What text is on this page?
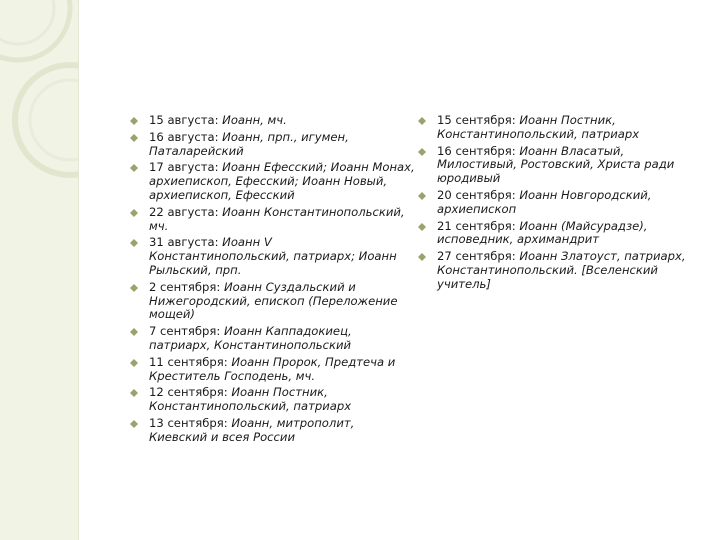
15 августа: Иоанн, мч.
16 августа: Иоанн, прп., игумен, Паталарейский
17 августа: Иоанн Ефесский; Иоанн Монах, архиепископ, Ефесский; Иоанн Новый, архиепископ, Ефесский
22 августа: Иоанн Константинопольский, мч.
31 августа: Иоанн V Константинопольский, патриарх; Иоанн Рыльский, прп.
2 сентября: Иоанн Суздальский и Нижегородский, епископ (Переложение мощей)
7 сентября: Иоанн Каппадокиец, патриарх, Константинопольский
11 сентября: Иоанн Пророк, Предтеча и Креститель Господень, мч.
12 сентября: Иоанн Постник, Константинопольский, патриарх
13 сентября: Иоанн, митрополит, Киевский и всея России
15 сентября: Иоанн Постник, Константинопольский, патриарх
16 сентября: Иоанн Власатый, Милостивый, Ростовский, Христа ради юродивый
20 сентября: Иоанн Новгородский, архиепископ
21 сентября: Иоанн (Майсурадзе), исповедник, архимандрит
27 сентября: Иоанн Златоуст, патриарх, Константинопольский. [Вселенский учитель]
